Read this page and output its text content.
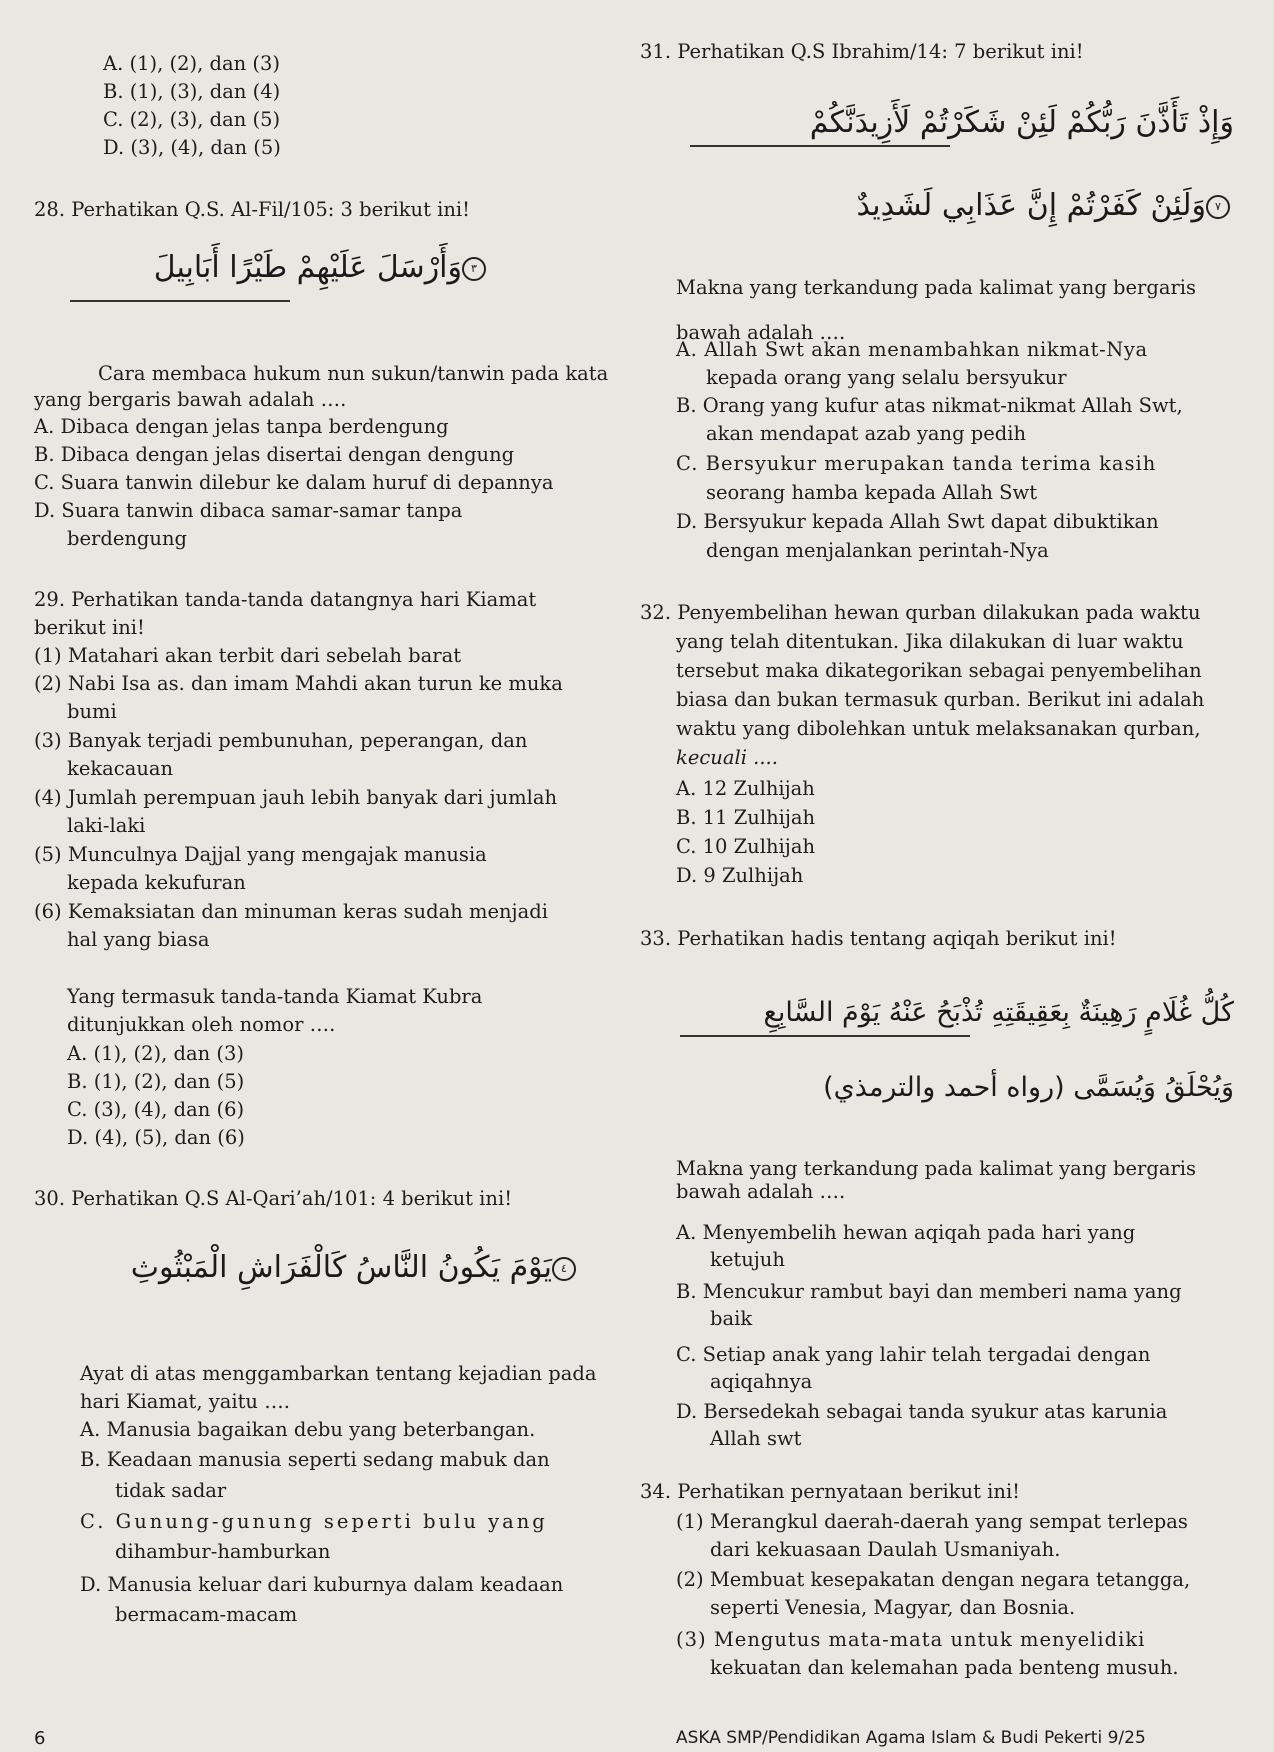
A. (1), (2), dan (3)
B. (1), (3), dan (4)
C. (2), (3), dan (5)
D. (3), (4), dan (5)
28. Perhatikan Q.S. Al-Fil/105: 3 berikut ini!
٣وَأَرْسَلَ عَلَيْهِمْ طَيْرًا أَبَابِيلَ
Cara membaca hukum nun sukun/tanwin pada kata
yang bergaris bawah adalah ….
A. Dibaca dengan jelas tanpa berdengung
B. Dibaca dengan jelas disertai dengan dengung
C. Suara tanwin dilebur ke dalam huruf di depannya
D. Suara tanwin dibaca samar-samar tanpa
berdengung
29. Perhatikan tanda-tanda datangnya hari Kiamat
berikut ini!
(1) Matahari akan terbit dari sebelah barat
(2) Nabi Isa as. dan imam Mahdi akan turun ke muka
bumi
(3) Banyak terjadi pembunuhan, peperangan, dan
kekacauan
(4) Jumlah perempuan jauh lebih banyak dari jumlah
laki-laki
(5) Munculnya Dajjal yang mengajak manusia
kepada kekufuran
(6) Kemaksiatan dan minuman keras sudah menjadi
hal yang biasa
Yang termasuk tanda-tanda Kiamat Kubra
ditunjukkan oleh nomor ….
A. (1), (2), dan (3)
B. (1), (2), dan (5)
C. (3), (4), dan (6)
D. (4), (5), dan (6)
30. Perhatikan Q.S Al-Qari’ah/101: 4 berikut ini!
٤يَوْمَ يَكُونُ النَّاسُ كَالْفَرَاشِ الْمَبْثُوثِ
Ayat di atas menggambarkan tentang kejadian pada
hari Kiamat, yaitu ….
A. Manusia bagaikan debu yang beterbangan.
B. Keadaan manusia seperti sedang mabuk dan
tidak sadar
C. Gunung-gunung seperti bulu yang
dihambur-hamburkan
D. Manusia keluar dari kuburnya dalam keadaan
bermacam-macam
31. Perhatikan Q.S Ibrahim/14: 7 berikut ini!
وَإِذْ تَأَذَّنَ رَبُّكُمْ لَئِنْ شَكَرْتُمْ لَأَزِيدَنَّكُمْ
٧وَلَئِنْ كَفَرْتُمْ إِنَّ عَذَابِي لَشَدِيدٌ
Makna yang terkandung pada kalimat yang bergaris
bawah adalah ….
A. Allah Swt akan menambahkan nikmat-Nya
kepada orang yang selalu bersyukur
B. Orang yang kufur atas nikmat-nikmat Allah Swt,
akan mendapat azab yang pedih
C. Bersyukur merupakan tanda terima kasih
seorang hamba kepada Allah Swt
D. Bersyukur kepada Allah Swt dapat dibuktikan
dengan menjalankan perintah-Nya
32. Penyembelihan hewan qurban dilakukan pada waktu
yang telah ditentukan. Jika dilakukan di luar waktu
tersebut maka dikategorikan sebagai penyembelihan
biasa dan bukan termasuk qurban. Berikut ini adalah
waktu yang dibolehkan untuk melaksanakan qurban,
kecuali ....
A. 12 Zulhijah
B. 11 Zulhijah
C. 10 Zulhijah
D. 9 Zulhijah
33. Perhatikan hadis tentang aqiqah berikut ini!
كُلُّ غُلَامٍ رَهِينَةٌ بِعَقِيقَتِهِ تُذْبَحُ عَنْهُ يَوْمَ السَّابِعِ
وَيُحْلَقُ وَيُسَمَّى (رواه أحمد والترمذي)
Makna yang terkandung pada kalimat yang bergaris
bawah adalah ….
A. Menyembelih hewan aqiqah pada hari yang
ketujuh
B. Mencukur rambut bayi dan memberi nama yang
baik
C. Setiap anak yang lahir telah tergadai dengan
aqiqahnya
D. Bersedekah sebagai tanda syukur atas karunia
Allah swt
34. Perhatikan pernyataan berikut ini!
(1) Merangkul daerah-daerah yang sempat terlepas
dari kekuasaan Daulah Usmaniyah.
(2) Membuat kesepakatan dengan negara tetangga,
seperti Venesia, Magyar, dan Bosnia.
(3) Mengutus mata-mata untuk menyelidiki
kekuatan dan kelemahan pada benteng musuh.
6	ASKA SMP/Pendidikan Agama Islam & Budi Pekerti 9/25
